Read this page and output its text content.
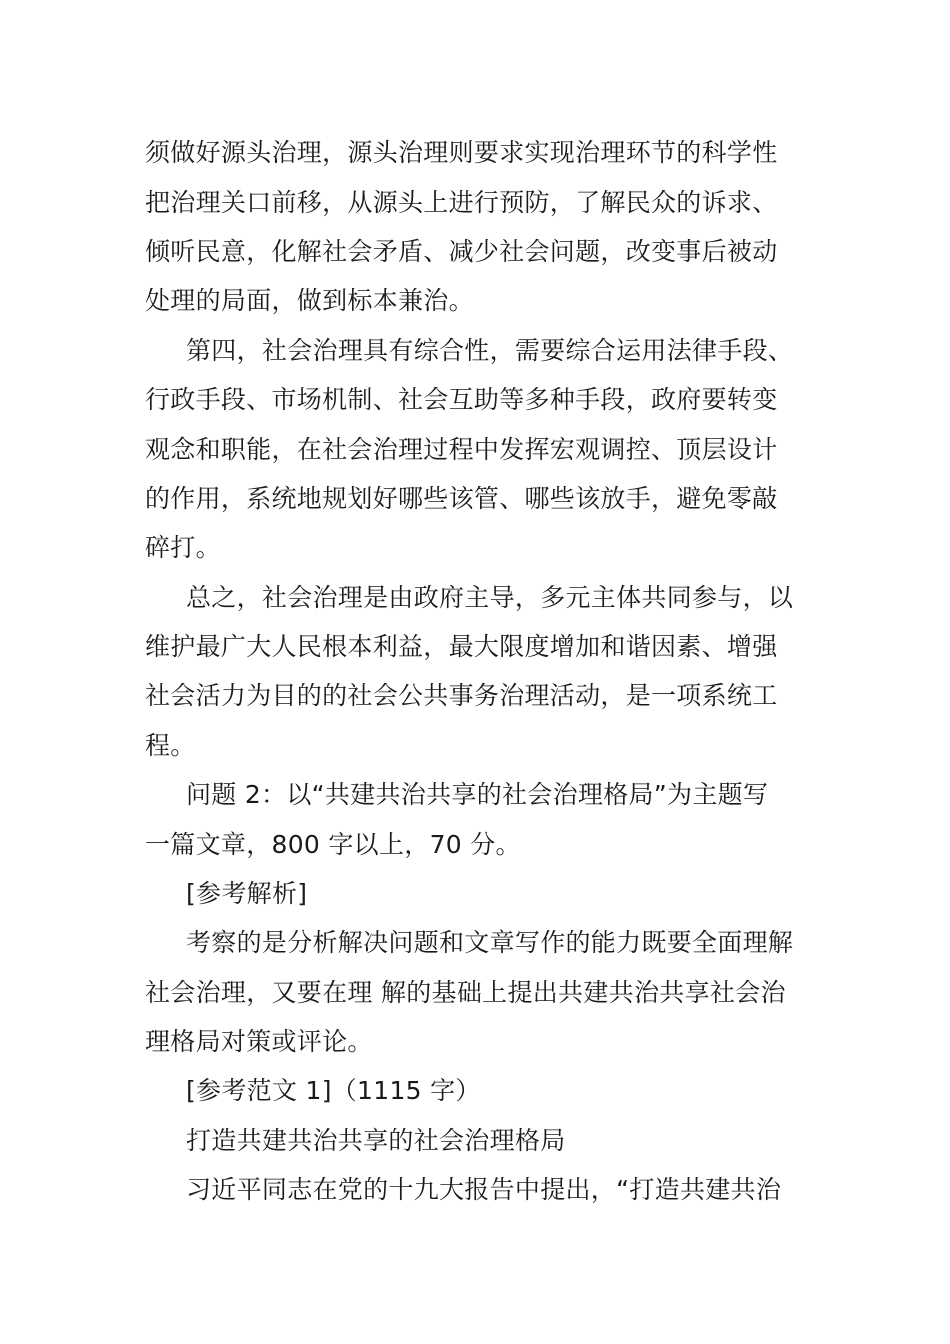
须做好源头治理，源头治理则要求实现治理环节的科学性
把治理关口前移，从源头上进行预防，了解民众的诉求、
倾听民意，化解社会矛盾、减少社会问题，改变事后被动
处理的局面，做到标本兼治。
第四，社会治理具有综合性，需要综合运用法律手段、
行政手段、市场机制、社会互助等多种手段，政府要转变
观念和职能，在社会治理过程中发挥宏观调控、顶层设计
的作用，系统地规划好哪些该管、哪些该放手，避免零敲
碎打。
总之，社会治理是由政府主导，多元主体共同参与，以
维护最广大人民根本利益，最大限度增加和谐因素、增强
社会活力为目的的社会公共事务治理活动，是一项系统工
程。
问题 2：以“共建共治共享的社会治理格局”为主题写
一篇文章，800 字以上，70 分。
[参考解析]
考察的是分析解决问题和文章写作的能力既要全面理解
社会治理，又要在理 解的基础上提出共建共治共享社会治
理格局对策或评论。
[参考范文 1]（1115 字）
打造共建共治共享的社会治理格局
习近平同志在党的十九大报告中提出，“打造共建共治
